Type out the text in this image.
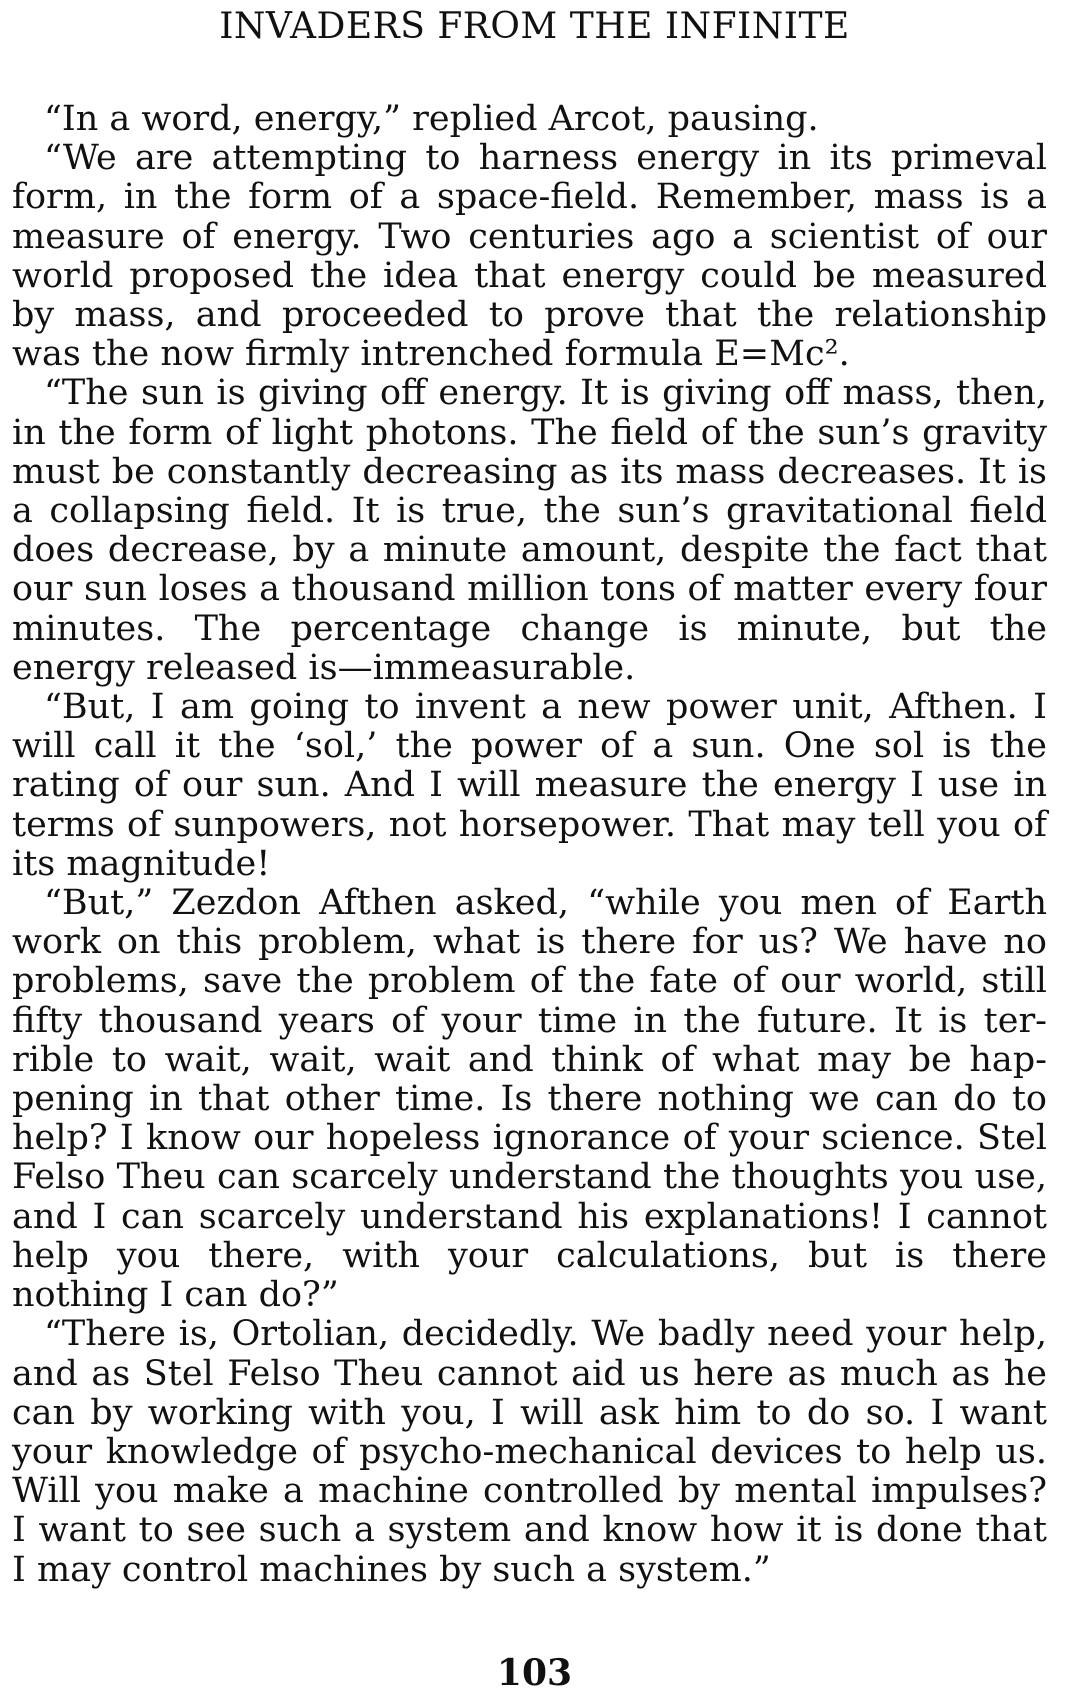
INVADERS FROM THE INFINITE

“In a word, energy,” replied Arcot, pausing.

“We are attempting to harness energy in its primeval form, in the form of a space-field. Remember, mass is a measure of energy. Two centuries ago a scientist of our world proposed the idea that energy could be measured by mass, and proceeded to prove that the relationship was the now firmly intrenched formula E=Mc².

“The sun is giving off energy. It is giving off mass, then, in the form of light photons. The field of the sun’s gravity must be constantly decreasing as its mass decreases. It is a collapsing field. It is true, the sun’s gravitational field does decrease, by a minute amount, despite the fact that our sun loses a thousand million tons of matter every four minutes. The percentage change is minute, but the energy released is—immeasurable.

“But, I am going to invent a new power unit, Afthen. I will call it the ‘sol,’ the power of a sun. One sol is the rating of our sun. And I will measure the energy I use in terms of sunpowers, not horsepower. That may tell you of its magnitude!

“But,” Zezdon Afthen asked, “while you men of Earth work on this problem, what is there for us? We have no problems, save the problem of the fate of our world, still fifty thousand years of your time in the future. It is terrible to wait, wait, wait and think of what may be happening in that other time. Is there nothing we can do to help? I know our hopeless ignorance of your science. Stel Felso Theu can scarcely understand the thoughts you use, and I can scarcely understand his explanations! I cannot help you there, with your calculations, but is there nothing I can do?”

“There is, Ortolian, decidedly. We badly need your help, and as Stel Felso Theu cannot aid us here as much as he can by working with you, I will ask him to do so. I want your knowledge of psycho-mechanical devices to help us. Will you make a machine controlled by mental impulses? I want to see such a system and know how it is done that I may control machines by such a system.”

103
